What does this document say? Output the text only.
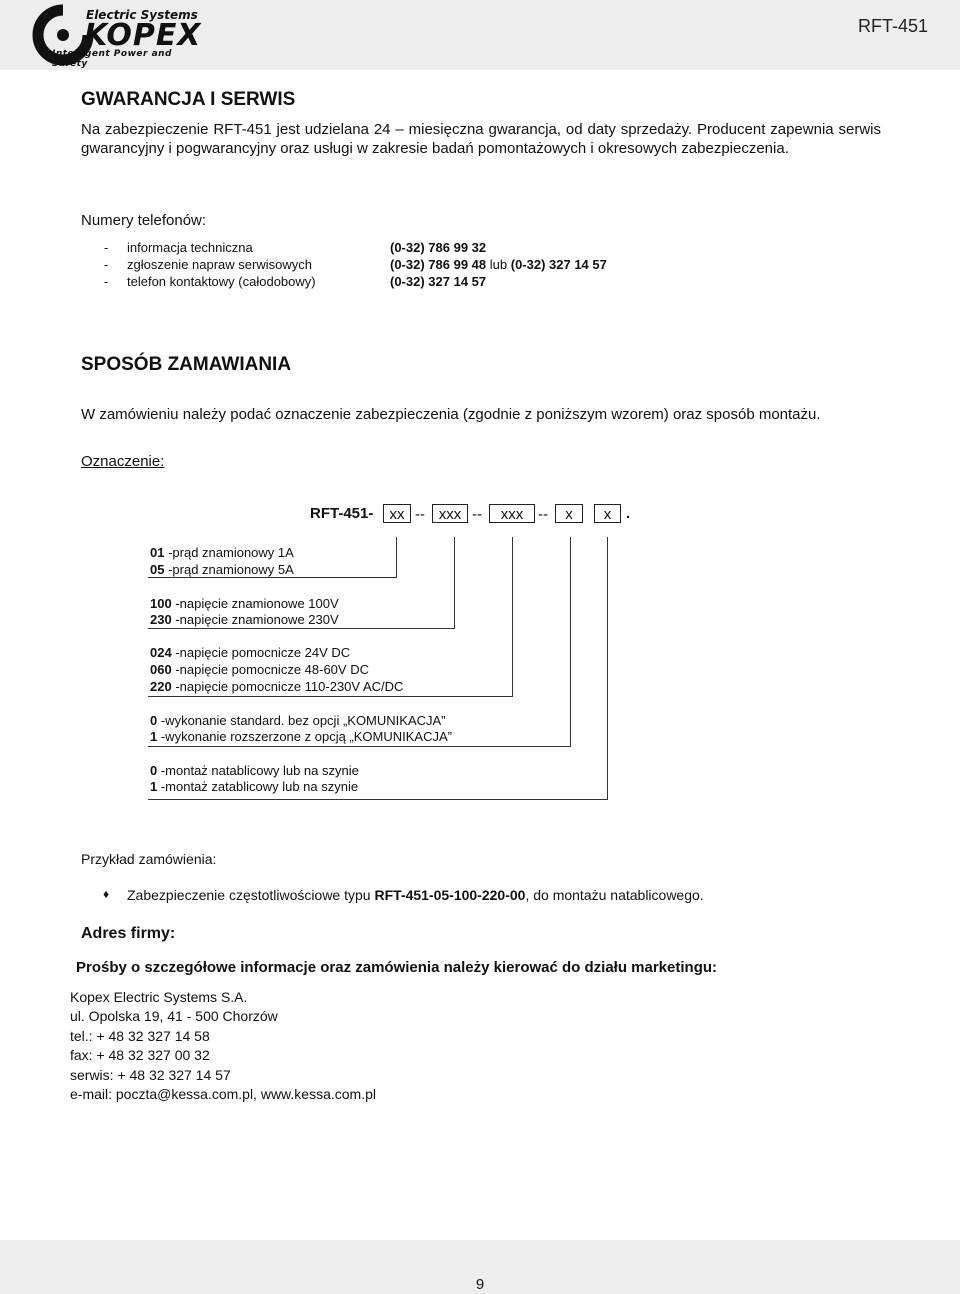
Electric Systems
KOPEX
Intelligent Power and Safety
RFT-451
GWARANCJA I SERWIS
Na zabezpieczenie RFT-451 jest udzielana 24 – miesięczna gwarancja, od daty sprzedaży. Producent zapewnia serwis gwarancyjny i pogwarancyjny oraz usługi w zakresie badań pomontażowych i okresowych zabezpieczenia.
Numery telefonów:
- informacja techniczna	(0-32) 786 99 32
- zgłoszenie napraw serwisowych	(0-32) 786 99 48 lub (0-32) 327 14 57
- telefon kontaktowy (całodobowy)	(0-32) 327 14 57
SPOSÓB ZAMAWIANIA
W zamówieniu należy podać oznaczenie zabezpieczenia (zgodnie z poniższym wzorem) oraz sposób montażu.
Oznaczenie:
RFT-451-	xx -- xxx --	xxx --	x	x .
01 -prąd znamionowy 1A
05 -prąd znamionowy 5A
100 -napięcie znamionowe 100V
230 -napięcie znamionowe 230V
024 -napięcie pomocnicze 24V DC
060 -napięcie pomocnicze 48-60V DC
220 -napięcie pomocnicze 110-230V AC/DC
0 -wykonanie standard. bez opcji „KOMUNIKACJA”
1 -wykonanie rozszerzone z opcją „KOMUNIKACJA”
0 -montaż natablicowy lub na szynie
1 -montaż zatablicowy lub na szynie
Przykład zamówienia:
♦ Zabezpieczenie częstotliwościowe typu RFT-451-05-100-220-00, do montażu natablicowego.
Adres firmy:
Prośby o szczegółowe informacje oraz zamówienia należy kierować do działu marketingu:
Kopex Electric Systems S.A.
ul. Opolska 19, 41 - 500 Chorzów
tel.: + 48 32 327 14 58
fax: + 48 32 327 00 32
serwis: + 48 32 327 14 57
e-mail: poczta@kessa.com.pl, www.kessa.com.pl
9
